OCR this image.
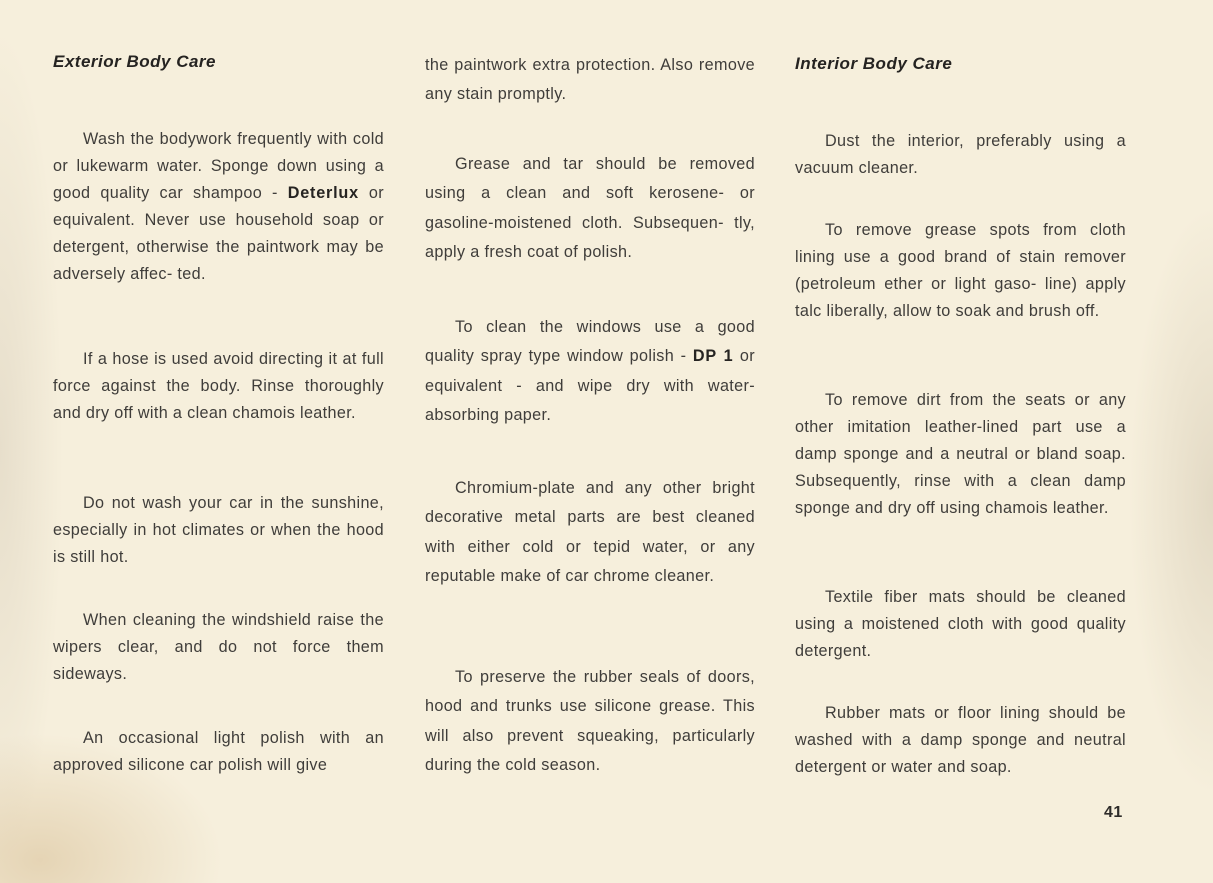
Exterior Body Care
Wash the bodywork frequently with cold or lukewarm water. Sponge down using a good quality car shampoo - Deterlux or equivalent. Never use household soap or detergent, otherwise the paintwork may be adversely affec- ted.
If a hose is used avoid directing it at full force against the body. Rinse thoroughly and dry off with a clean chamois leather.
Do not wash your car in the sunshine, especially in hot climates or when the hood is still hot.
When cleaning the windshield raise the wipers clear, and do not force them sideways.
An occasional light polish with an approved silicone car polish will give
the paintwork extra protection. Also remove any stain promptly.
Grease and tar should be removed using a clean and soft kerosene- or gasoline-moistened cloth. Subsequen- tly, apply a fresh coat of polish.
To clean the windows use a good quality spray type window polish - DP 1 or equivalent - and wipe dry with water-absorbing paper.
Chromium-plate and any other bright decorative metal parts are best cleaned with either cold or tepid water, or any reputable make of car chrome cleaner.
To preserve the rubber seals of doors, hood and trunks use silicone grease. This will also prevent squeaking, particularly during the cold season.
Interior Body Care
Dust the interior, preferably using a vacuum cleaner.
To remove grease spots from cloth lining use a good brand of stain remover (petroleum ether or light gaso- line) apply talc liberally, allow to soak and brush off.
To remove dirt from the seats or any other imitation leather-lined part use a damp sponge and a neutral or bland soap. Subsequently, rinse with a clean damp sponge and dry off using chamois leather.
Textile fiber mats should be cleaned using a moistened cloth with good quality detergent.
Rubber mats or floor lining should be washed with a damp sponge and neutral detergent or water and soap.
41
